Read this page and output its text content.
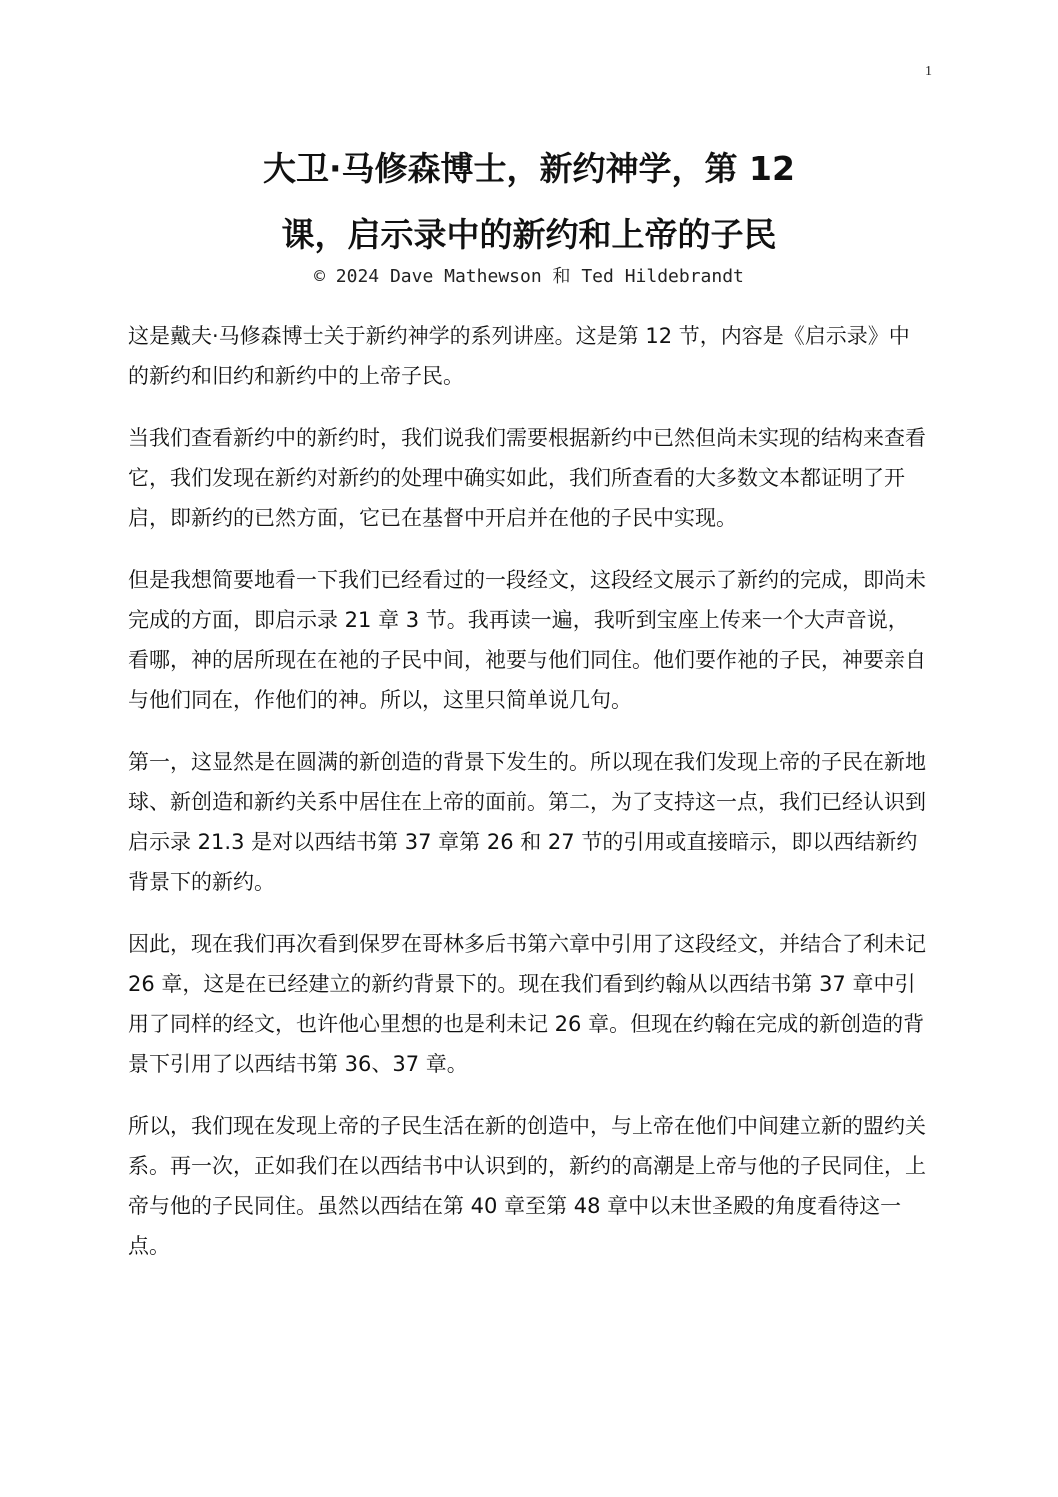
1
大卫·马修森博士，新约神学，第 12
课，启示录中的新约和上帝的子民
© 2024 Dave Mathewson 和 Ted Hildebrandt

这是戴夫·马修森博士关于新约神学的系列讲座。这是第 12 节，内容是《启示录》中的新约和旧约和新约中的上帝子民。

当我们查看新约中的新约时，我们说我们需要根据新约中已然但尚未实现的结构来查看它，我们发现在新约对新约的处理中确实如此，我们所查看的大多数文本都证明了开启，即新约的已然方面，它已在基督中开启并在他的子民中实现。

但是我想简要地看一下我们已经看过的一段经文，这段经文展示了新约的完成，即尚未完成的方面，即启示录 21 章 3 节。我再读一遍，我听到宝座上传来一个大声音说，看哪，神的居所现在在祂的子民中间，祂要与他们同住。他们要作祂的子民，神要亲自与他们同在，作他们的神。所以，这里只简单说几句。

第一，这显然是在圆满的新创造的背景下发生的。所以现在我们发现上帝的子民在新地球、新创造和新约关系中居住在上帝的面前。第二，为了支持这一点，我们已经认识到启示录 21.3 是对以西结书第 37 章第 26 和 27 节的引用或直接暗示，即以西结新约背景下的新约。

因此，现在我们再次看到保罗在哥林多后书第六章中引用了这段经文，并结合了利未记 26 章，这是在已经建立的新约背景下的。现在我们看到约翰从以西结书第 37 章中引用了同样的经文，也许他心里想的也是利未记 26 章。但现在约翰在完成的新创造的背景下引用了以西结书第 36、37 章。

所以，我们现在发现上帝的子民生活在新的创造中，与上帝在他们中间建立新的盟约关系。再一次，正如我们在以西结书中认识到的，新约的高潮是上帝与他的子民同住，上帝与他的子民同住。虽然以西结在第 40 章至第 48 章中以末世圣殿的角度看待这一点。
